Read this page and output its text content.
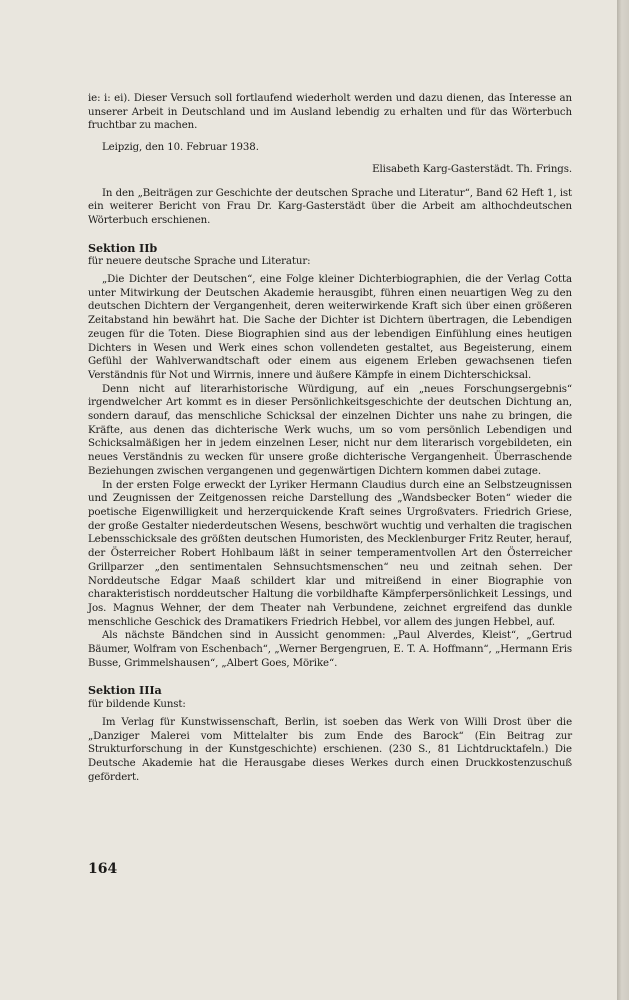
ie: i: ei). Dieser Versuch soll fortlaufend wiederholt werden und dazu dienen, das Interesse an unserer Arbeit in Deutschland und im Ausland lebendig zu erhalten und für das Wörterbuch fruchtbar zu machen.

Leipzig, den 10. Februar 1938.

Elisabeth Karg-Gasterstädt. Th. Frings.

In den „Beiträgen zur Geschichte der deutschen Sprache und Literatur“, Band 62 Heft 1, ist ein weiterer Bericht von Frau Dr. Karg-Gasterstädt über die Arbeit am althochdeutschen Wörterbuch erschienen.

Sektion IIb

für neuere deutsche Sprache und Literatur:

„Die Dichter der Deutschen“, eine Folge kleiner Dichterbiographien, die der Verlag Cotta unter Mitwirkung der Deutschen Akademie herausgibt, führen einen neuartigen Weg zu den deutschen Dichtern der Vergangenheit, deren weiterwirkende Kraft sich über einen größeren Zeitabstand hin bewährt hat. Die Sache der Dichter ist Dichtern übertragen, die Lebendigen zeugen für die Toten. Diese Biographien sind aus der lebendigen Einfühlung eines heutigen Dichters in Wesen und Werk eines schon vollendeten gestaltet, aus Begeisterung, einem Gefühl der Wahlverwandtschaft oder einem aus eigenem Erleben gewachsenen tiefen Verständnis für Not und Wirrnis, innere und äußere Kämpfe in einem Dichterschicksal.

Denn nicht auf literarhistorische Würdigung, auf ein „neues Forschungsergebnis“ irgendwelcher Art kommt es in dieser Persönlichkeitsgeschichte der deutschen Dichtung an, sondern darauf, das menschliche Schicksal der einzelnen Dichter uns nahe zu bringen, die Kräfte, aus denen das dichterische Werk wuchs, um so vom persönlich Lebendigen und Schicksalmäßigen her in jedem einzelnen Leser, nicht nur dem literarisch vorgebildeten, ein neues Verständnis zu wecken für unsere große dichterische Vergangenheit. Überraschende Beziehungen zwischen vergangenen und gegenwärtigen Dichtern kommen dabei zutage.

In der ersten Folge erweckt der Lyriker Hermann Claudius durch eine an Selbstzeugnissen und Zeugnissen der Zeitgenossen reiche Darstellung des „Wandsbecker Boten“ wieder die poetische Eigenwilligkeit und herzerquickende Kraft seines Urgroßvaters. Friedrich Griese, der große Gestalter niederdeutschen Wesens, beschwört wuchtig und verhalten die tragischen Lebensschicksale des größten deutschen Humoristen, des Mecklenburger Fritz Reuter, herauf, der Österreicher Robert Hohlbaum läßt in seiner temperamentvollen Art den Österreicher Grillparzer „den sentimentalen Sehnsuchtsmenschen“ neu und zeitnah sehen. Der Norddeutsche Edgar Maaß schildert klar und mitreißend in einer Biographie von charakteristisch norddeutscher Haltung die vorbildhafte Kämpferpersönlichkeit Lessings, und Jos. Magnus Wehner, der dem Theater nah Verbundene, zeichnet ergreifend das dunkle menschliche Geschick des Dramatikers Friedrich Hebbel, vor allem des jungen Hebbel, auf.

Als nächste Bändchen sind in Aussicht genommen: „Paul Alverdes, Kleist“, „Gertrud Bäumer, Wolfram von Eschenbach“, „Werner Bergengruen, E. T. A. Hoffmann“, „Hermann Eris Busse, Grimmelshausen“, „Albert Goes, Mörike“.

Sektion IIIa

für bildende Kunst:

Im Verlag für Kunstwissenschaft, Berlin, ist soeben das Werk von Willi Drost über die „Danziger Malerei vom Mittelalter bis zum Ende des Barock“ (Ein Beitrag zur Strukturforschung in der Kunstgeschichte) erschienen. (230 S., 81 Lichtdrucktafeln.) Die Deutsche Akademie hat die Herausgabe dieses Werkes durch einen Druckkostenzuschuß gefördert.

164
